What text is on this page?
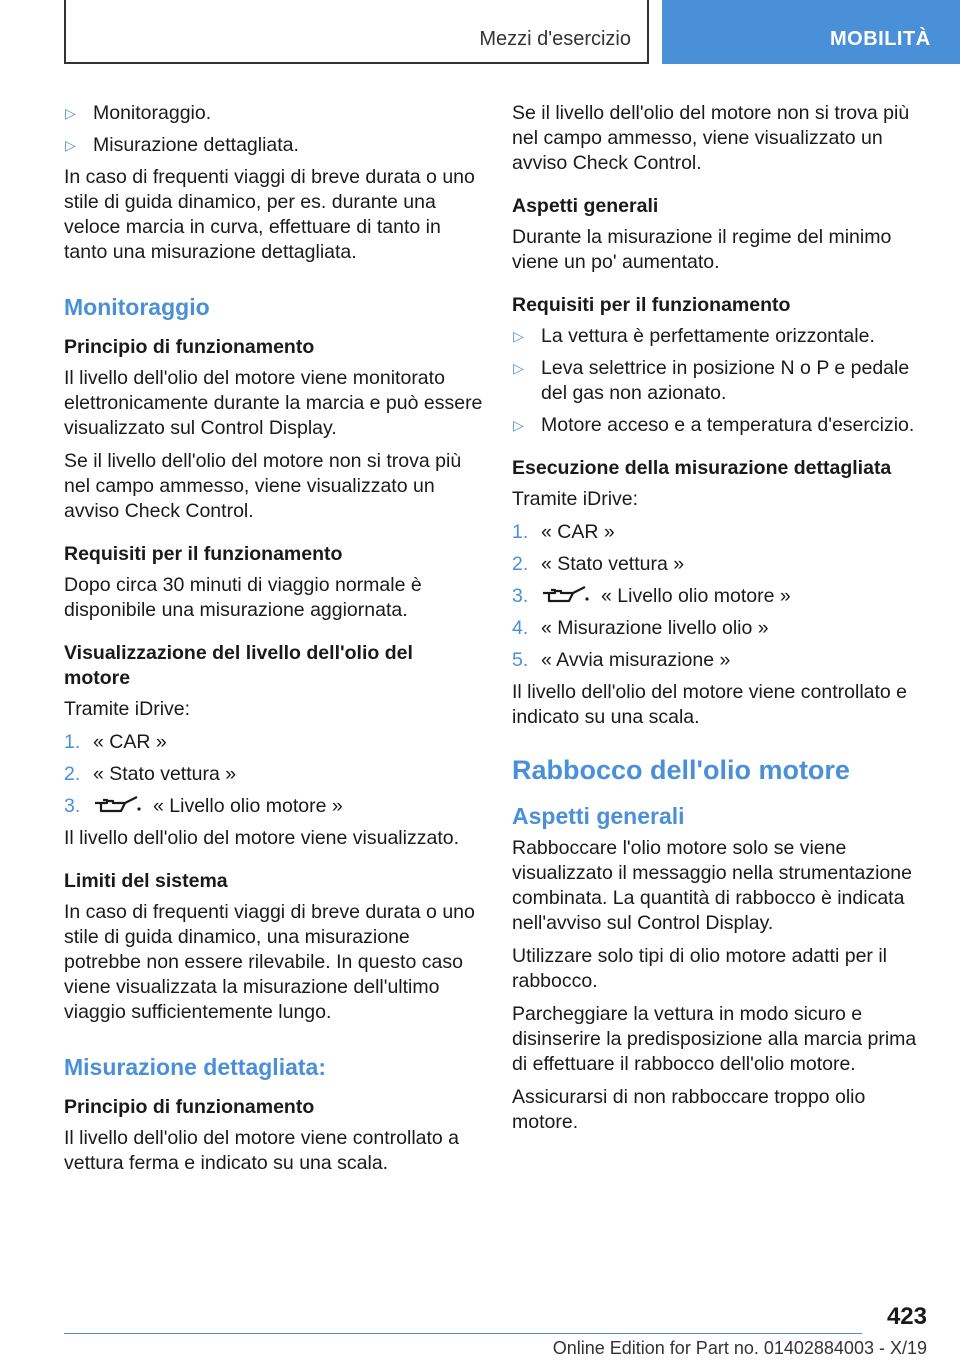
Mezzi d'esercizio	MOBILITÀ
▷ Monitoraggio.
▷ Misurazione dettagliata.

In caso di frequenti viaggi di breve durata o uno stile di guida dinamico, per es. durante una veloce marcia in curva, effettuare di tanto in tanto una misurazione dettagliata.

Monitoraggio
Principio di funzionamento

Il livello dell'olio del motore viene monitorato elettronicamente durante la marcia e può essere visualizzato sul Control Display.

Se il livello dell'olio del motore non si trova più nel campo ammesso, viene visualizzato un avviso Check Control.

Requisiti per il funzionamento

Dopo circa 30 minuti di viaggio normale è disponibile una misurazione aggiornata.

Visualizzazione del livello dell'olio del motore

Tramite iDrive:

1. « CAR »
2. « Stato vettura »
3.	« Livello olio motore »

Il livello dell'olio del motore viene visualizzato.

Limiti del sistema

In caso di frequenti viaggi di breve durata o uno stile di guida dinamico, una misurazione potrebbe non essere rilevabile. In questo caso viene visualizzata la misurazione dell'ultimo viaggio sufficientemente lungo.

Misurazione dettagliata:
Principio di funzionamento

Il livello dell'olio del motore viene controllato a vettura ferma e indicato su una scala.

Se il livello dell'olio del motore non si trova più nel campo ammesso, viene visualizzato un avviso Check Control.

Aspetti generali

Durante la misurazione il regime del minimo viene un po' aumentato.

Requisiti per il funzionamento
▷ La vettura è perfettamente orizzontale.
▷ Leva selettrice in posizione N o P e pedale del gas non azionato.
▷ Motore acceso e a temperatura d'esercizio.
Esecuzione della misurazione dettagliata

Tramite iDrive:

1. « CAR »
2. « Stato vettura »
3.	« Livello olio motore »
4. « Misurazione livello olio »
5. « Avvia misurazione »

Il livello dell'olio del motore viene controllato e indicato su una scala.

Rabbocco dell'olio motore
Aspetti generali

Rabboccare l'olio motore solo se viene visualizzato il messaggio nella strumentazione combinata. La quantità di rabbocco è indicata nell'avviso sul Control Display.

Utilizzare solo tipi di olio motore adatti per il rabbocco.

Parcheggiare la vettura in modo sicuro e disinserire la predisposizione alla marcia prima di effettuare il rabbocco dell'olio motore.

Assicurarsi di non rabboccare troppo olio motore.

423
Online Edition for Part no. 01402884003 - X/19
